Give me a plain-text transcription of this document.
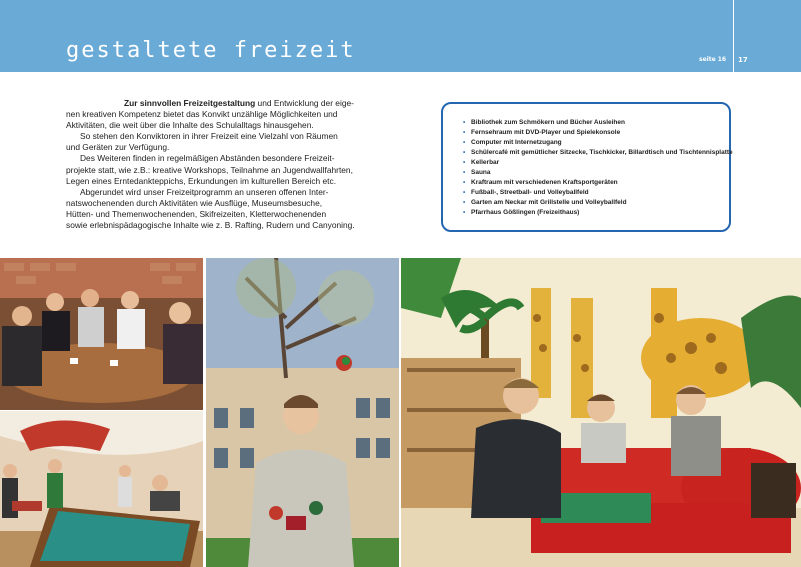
gestaltete freizeit	seite 16 17

Zur sinnvollen Freizeitgestaltung und Entwicklung der eige-

nen kreativen Kompetenz bietet das Konvikt unzählige Möglichkeiten und

Aktivitäten, die weit über die Inhalte des Schulalltags hinausgehen.

So stehen den Konviktoren in ihrer Freizeit eine Vielzahl von Räumen

und Geräten zur Verfügung.

Des Weiteren finden in regelmäßigen Abständen besondere Freizeit-

projekte statt, wie z.B.: kreative Workshops, Teilnahme an Jugendwallfahrten,

Legen eines Erntedankteppichs, Erkundungen im kulturellen Bereich etc.

Abgerundet wird unser Freizeitprogramm an unseren offenen Inter-

natswochenenden durch Aktivitäten wie Ausflüge, Museumsbesuche,

Hütten- und Themenwochenenden, Skifreizeiten, Kletterwochenenden

sowie erlebnispädagogische Inhalte wie z. B. Rafting, Rudern und Canyoning.

• Bibliothek zum Schmökern und Bücher Ausleihen
• Fernsehraum mit DVD-Player und Spielekonsole
• Computer mit Internetzugang
• Schülercafé mit gemütlicher Sitzecke, Tischkicker, Billardtisch und Tischtennisplatte
• Kellerbar
• Sauna
• Kraftraum mit verschiedenen Kraftsportgeräten
• Fußball-, Streetball- und Volleyballfeld
• Garten am Neckar mit Grillstelle und Volleyballfeld
• Pfarrhaus Gößlingen (Freizeithaus)
